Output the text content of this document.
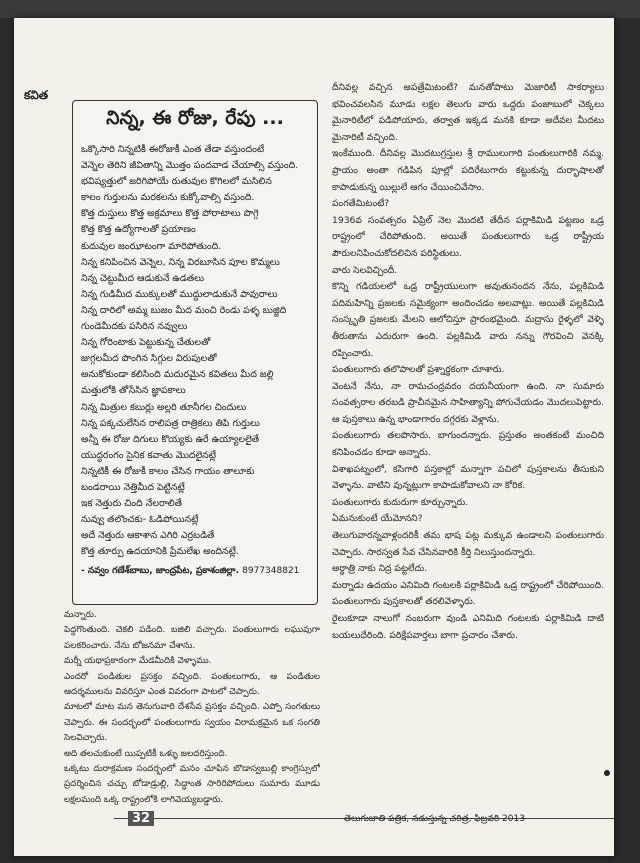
కవిత
నిన్న, ఈ రోజు, రేపు ...
ఒక్కొసారి నిన్నటికీ ఈరోజుకీ ఎంత తేడా వస్తుందంటే
వెన్నెల తెరిని జీవితాన్ని మొత్తం పందవాడ చేయాల్సి వస్తుంది.
భవిష్యత్తులో జరిగిపోయే రుతువుల కొగిలలో మసిలిన
కాలం గుర్తులను మరకలను కుక్కోవాల్సి వస్తుంది.
కొత్త దుస్తులు కొత్త అక్రమాలు కొత్త పోరాటాలు పొగ్గె
కొత్త కొత్త ఉద్యోగాలతో ప్రయాణం
కుదువుల జంఝాటంగా మారిపోతుంది.
నిన్న కనిపించిన వెన్నెల, నిన్న విరబూసిన పూల కొమ్మలు
నిన్న చెట్టుమీద ఆడుకునే ఉడతలు
నిన్న గుడిమీద ముక్కులతో ముద్దులాడుకునే పావురాలు
నిన్న దారిలో అమ్మ బుజం మీద మంచి రెండు పళ్ళ బుజ్జిది
గుండెమీదకు పసిరిన నవ్వులు
నిన్న గోరింటాకు పెట్టుకున్న చేతులతో
జుగ్గలమీద పొంగిన సిగ్గుల విరుపులతో
అనుకోకుండా కలిసింది మదురమైన కవితలు మీద జల్లి
మత్తులోకి తోసేసిన జ్ఞాపకాలు
నిన్న మిత్రుల కబుర్లు అల్లరి తూనీగల చిందులు
నిన్న పక్కచులేసిన రాలిపత్ర రాత్రికలు తిపి గుర్తులు
అన్నీ ఈ రోజు దిగులు కొయ్యకు ఉరే ఉయ్యాలలైతే
యుద్ధరంగం సైనిక కవాతు మొదలైనట్లే
నిన్నటికీ ఈ రోజుకీ కాలం చేసిన గాయం తాలూకు
బండరాయి నెత్తిమీద పెట్టినట్లే
ఇక నెత్తురు చింది నేలరాలితే
నువ్వు తలొంచకు- ఓడిపోయినట్లే
అదే నెత్తురు ఆకాశాన ఎగిరి ఎర్రబడితే
కొత్త తూర్పు ఉదయానికి ప్రేమలేఖ అందినట్లే.
- నవ్వం గణేశ్‌బాబు, జాంద్రపేట, ప్రకాశంజిల్లా. 8977348821

మన్నారు.

పెద్దగొంతుంది. చెకలి పడింది. బజిలి వచ్చారు. పంతులుగారు లఘువుగా పలకరించారు. నేను బోజనమా చేశాను.

మర్నీ యథాప్రకారంగా మేడమీదికి వెళ్ళాము.

ఎందరో పండితుల ప్రసక్తం వచ్చింది. పంతులుగారు, ఆ పండితుల ఆదర్శములను వివరిస్తూ ఎంత వివరంగా పాటలో చెప్పారు.

మాటలో మాట మన తెనుగువారి దేశసేవ ప్రసక్తం వచ్చింది. ఎప్పో సంగతులు చెప్పారు. ఈ సందర్భంలో పంతులుగారు స్వయం విరామక్రమైన ఒక సంగతి సెలవిచ్చారు.

అది తలచుకుంటే యిప్పటికీ ఒళ్ళు జలదరిస్తుంది.

ఒక్కటు దురాక్రమణ సందర్భంలో మనం చూపిన బొడాస్వబుల్లి కాంగ్రెస్సులో ప్రదర్శించిన చచ్చు బోడాడ్రుల్లి, సిద్ధాంత సారిరిపోదులు సుమారు మూడు లక్షలమంది ఒక్క రాష్ట్రంలోకి లాగివెయ్యబడ్డారు.

దీనివల్ల వచ్చిన అపత్రేమిటంటే? మనతోపాటు మెజారిటీ సాకర్యాలు భవించవలసిన మూడు లక్షల తెలుగు వారు ఒద్దరు పంజాబులో చెక్కలు మైనారిటీలో పడిపోయారు, తర్వాత ఇక్కడ మనకి కూడా అదేవల మీదటు మైనారిటీ వచ్చింది.

ఇంకేముంది. దీనివల్ల మొదటుగ్రస్తుల శ్రీ రాములుగారి పంతులుగారికి నమ్మ. ప్రాయం అంతా గడిపిన పూల్లో పదిరేటుగారు కట్టుకున్న దుర్భాషాలతో కాపాడుకున్న యిల్లులే ఆగం చేయించివేసాం.

పంగతేమిటంటే?

1936వ సంవత్సరం ఏప్రిల్ నెల మొదటి తేదీన పర్లాకిమిడి పట్టణం ఒడ్ర రాష్ట్రంలో చేరిపోతుంది. అయితే పంతులుగారు ఒడ్ర రాష్ట్రీయ పౌరులనిపించుకోదలిచిన పరిస్థితులు.

వారు సెలవిచ్చిందీ.

కొన్ని గడియలలో ఒడ్ర రాష్ట్రీయులుగా అవుతునందన నేను, పల్లకిమిడి పదిమహిన్ని ప్రజలకు సమైక్యంగా అందించడం అలవాట్లు. అయితే పల్లకిమిడి సంస్కృతి ప్రజలకు మేలని ఆలోచిస్తూ ప్రారంభమైంది. మద్రాసు రైళ్ళలో వెళ్ళి తీరుతాను ఎదురుగా ఉంది. పల్లకిమిడి వారు నన్ను గౌరవించి వెనక్కి రప్పించారు.

పంతులుగారు తలొపాలతో ప్రశ్నార్థకంగా చూశారు.

వెంటనే నేను, నా రామచంద్రవరం దయనీయంగా ఉంది. నా సుమారు సంవత్సరాల తరబడి ప్రాచీనమైన సాహిత్యాన్ని పోగుచేయడం మొదలుపెట్టారు. ఆ పుస్తకాలు ఉన్న భాండాగారం దగ్గరకు వెళ్లాను.

పంతులుగారు తలపొసారు. బాగుందన్నారు. ప్రస్తుతం అంతకంటే మంచిది కనిపించడం కూడా అన్నారు.

విశాఖపట్నంలో, కసిగారి పస్తకాల్లో మన్నాగా పచిలో పుస్తకాలను తీసుకుని వెళ్ళాను. వాటిని వున్నట్లుగా కాపాడుకోవాలని నా కోరిక.

పంతులుగారు కుదురుగా కూర్చున్నారు.

ఏమనుకుంటే యేమోనని?

తెలుగువారన్నవాళ్లందరికీ తమ భాష పట్ల మక్కువ ఉండాలని పంతులుగారు చెప్పారు. సారస్వత సేవ చేసినవారికి కీర్తి నిలుస్తుందన్నారు.

అర్థాత్రి నాకు నిద్ర పట్టలేదు.

మర్నాడు ఉదయం ఎనిమిది గంటలకి పర్లాకిమిడి ఒడ్ర రాష్ట్రంలో చేరిపోయింది. పంతులుగారు పుస్తకాలతో తరలివెళ్ళారు.

రైలుకూడా నాలుగో నంబరుగా వుండి ఎనిమిది గంటలకు పర్లాకిమిడి దాటి బయలుదేరింది. పరిక్షేపవార్తలు బాగా ప్రచారం చేశారు.

32	తెలుగుజాతి పత్రిక, నడుస్తున్న చరిత్ర, ఫిబ్రవరి 2013
